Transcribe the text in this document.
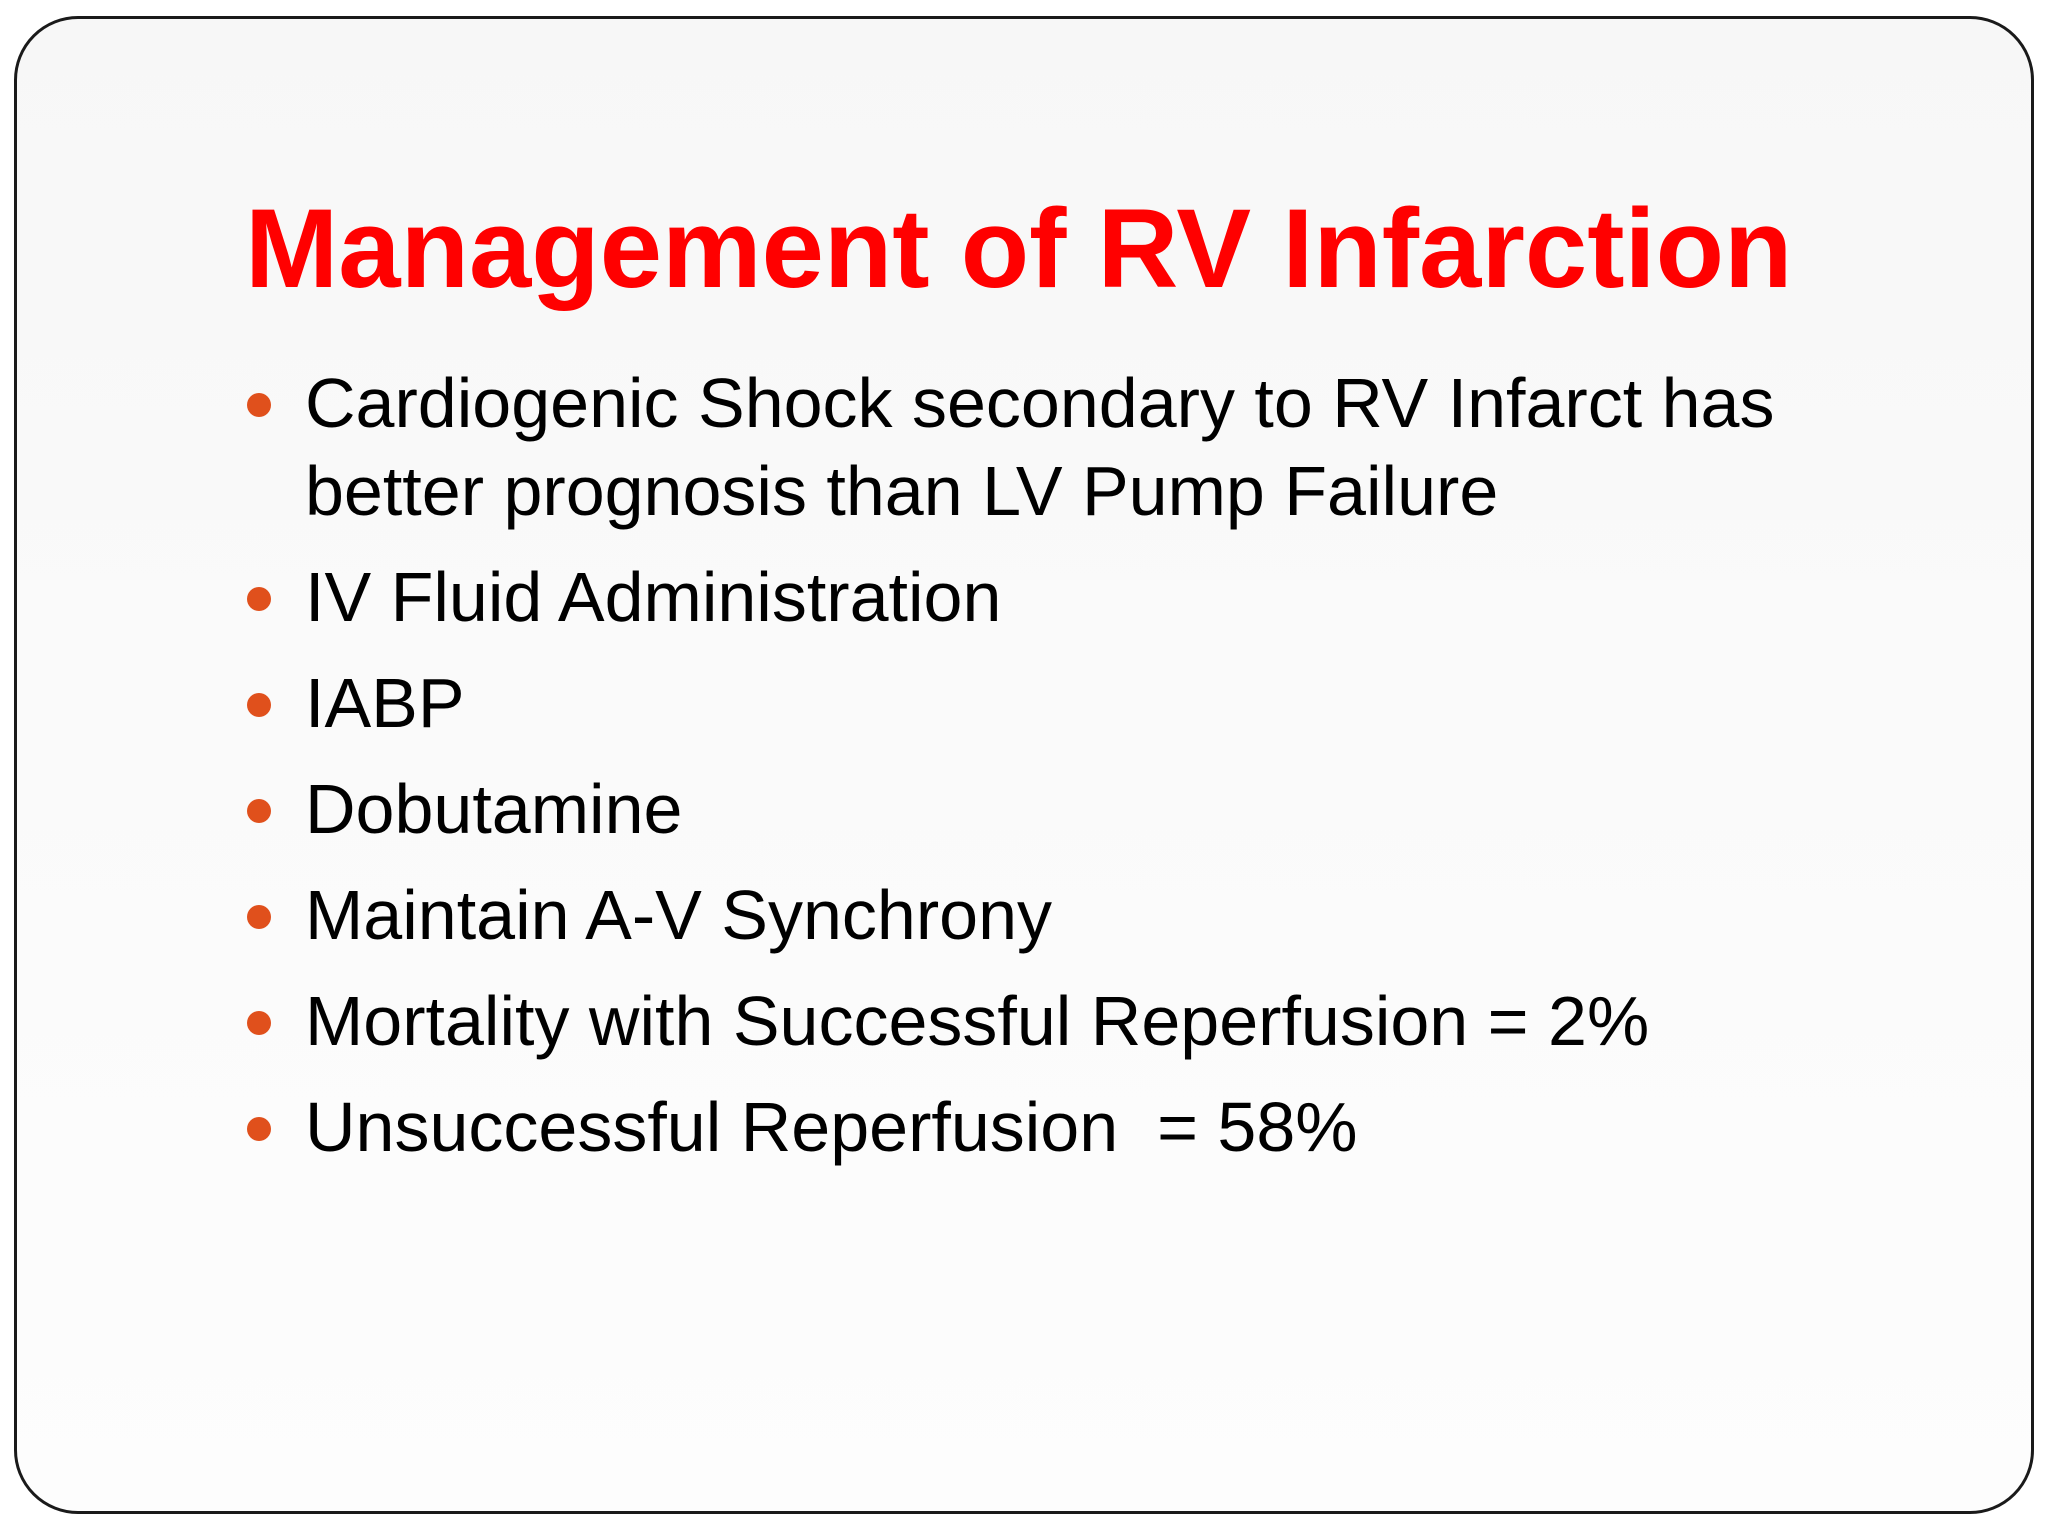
Management of RV Infarction
Cardiogenic Shock secondary to RV Infarct has better prognosis than LV Pump Failure
IV Fluid Administration
IABP
Dobutamine
Maintain A-V Synchrony
Mortality with Successful Reperfusion = 2%
Unsuccessful Reperfusion  = 58%
